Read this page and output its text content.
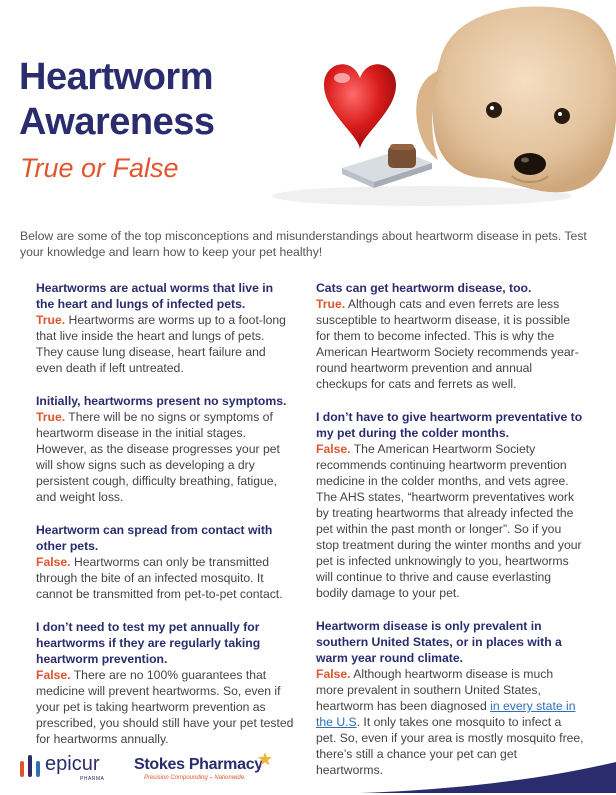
Heartworm
Awareness
True or False

Below are some of the top misconceptions and misunderstandings about heartworm disease in pets. Test your knowledge and learn how to keep your pet healthy!

Heartworms are actual worms that live in the heart and lungs of infected pets.

True. Heartworms are worms up to a foot-long that live inside the heart and lungs of pets. They cause lung disease, heart failure and even death if left untreated.

Initially, heartworms present no symptoms.

True. There will be no signs or symptoms of heartworm disease in the initial stages. However, as the disease progresses your pet will show signs such as developing a dry persistent cough, difficulty breathing, fatigue, and weight loss.

Heartworm can spread from contact with other pets.

False. Heartworms can only be transmitted through the bite of an infected mosquito. It cannot be transmitted from pet-to-pet contact.

I don’t need to test my pet annually for heartworms if they are regularly taking heartworm prevention.

False. There are no 100% guarantees that medicine will prevent heartworms. So, even if your pet is taking heartworm prevention as prescribed, you should still have your pet tested for heartworms annually.

Cats can get heartworm disease, too.

True. Although cats and even ferrets are less susceptible to heartworm disease, it is possible for them to become infected. This is why the American Heartworm Society recommends year-round heartworm prevention and annual checkups for cats and ferrets as well.

I don’t have to give heartworm preventative to my pet during the colder months.

False. The American Heartworm Society recommends continuing heartworm prevention medicine in the colder months, and vets agree. The AHS states, “heartworm preventatives work by treating heartworms that already infected the pet within the past month or longer”. So if you stop treatment during the winter months and your pet is infected unknowingly to you, heartworms will continue to thrive and cause everlasting bodily damage to your pet.

Heartworm disease is only prevalent in southern United States, or in places with a warm year round climate.

False. Although heartworm disease is much more prevalent in southern United States, heartworm has been diagnosed in every state in the U.S. It only takes one mosquito to infect a pet. So, even if your area is mostly mosquito free, there’s still a chance your pet can get heartworms.

epicur
PHARMA
Stokes Pharmacy
Precision Compounding – Nationwide.
